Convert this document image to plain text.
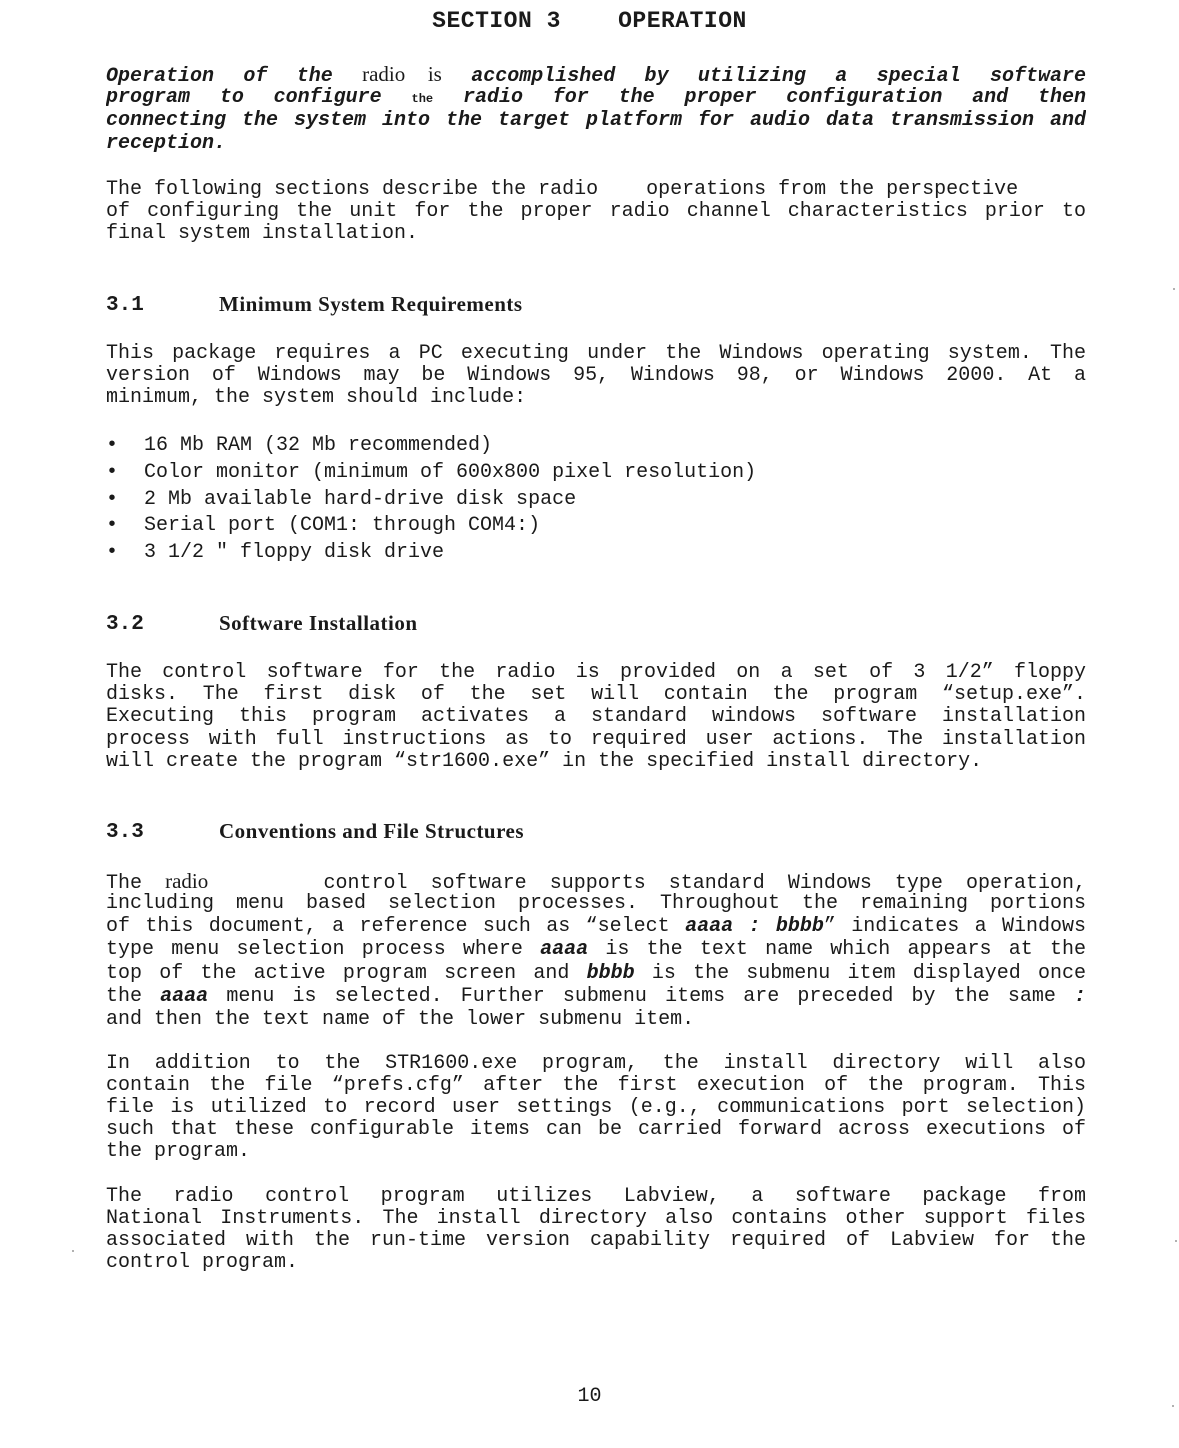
SECTION 3    OPERATION
Operation of the radio is accomplished by utilizing a special software
program to configure the radio for the proper configuration and then
connecting the system into the target platform for audio data transmission and
reception.
The following sections describe the radio    operations from the perspective
of configuring the unit for the proper radio channel characteristics prior to
final system installation.
3.1	Minimum System Requirements
This package requires a PC executing under the Windows operating system. The
version of Windows may be Windows 95, Windows 98, or Windows 2000. At a
minimum, the system should include:
•	16 Mb RAM (32 Mb recommended)
•	Color monitor (minimum of 600x800 pixel resolution)
•	2 Mb available hard-drive disk space
•	Serial port (COM1: through COM4:)
•	3 1/2 " floppy disk drive
3.2	Software Installation
The control software for the radio is provided on a set of 3 1/2” floppy
disks. The first disk of the set will contain the program “setup.exe”.
Executing this program activates a standard windows software installation
process with full instructions as to required user actions. The installation
will create the program “str1600.exe” in the specified install directory.
3.3	Conventions and File Structures
The radio     control software supports standard Windows type operation,
including menu based selection processes. Throughout the remaining portions
of this document, a reference such as “select aaaa : bbbb” indicates a Windows
type menu selection process where aaaa is the text name which appears at the
top of the active program screen and bbbb is the submenu item displayed once
the aaaa menu is selected. Further submenu items are preceded by the same :
and then the text name of the lower submenu item.
In addition to the STR1600.exe program, the install directory will also
contain the file “prefs.cfg” after the first execution of the program. This
file is utilized to record user settings (e.g., communications port selection)
such that these configurable items can be carried forward across executions of
the program.
The radio control program utilizes Labview, a software package from
National Instruments. The install directory also contains other support files
associated with the run-time version capability required of Labview for the
control program.
10
